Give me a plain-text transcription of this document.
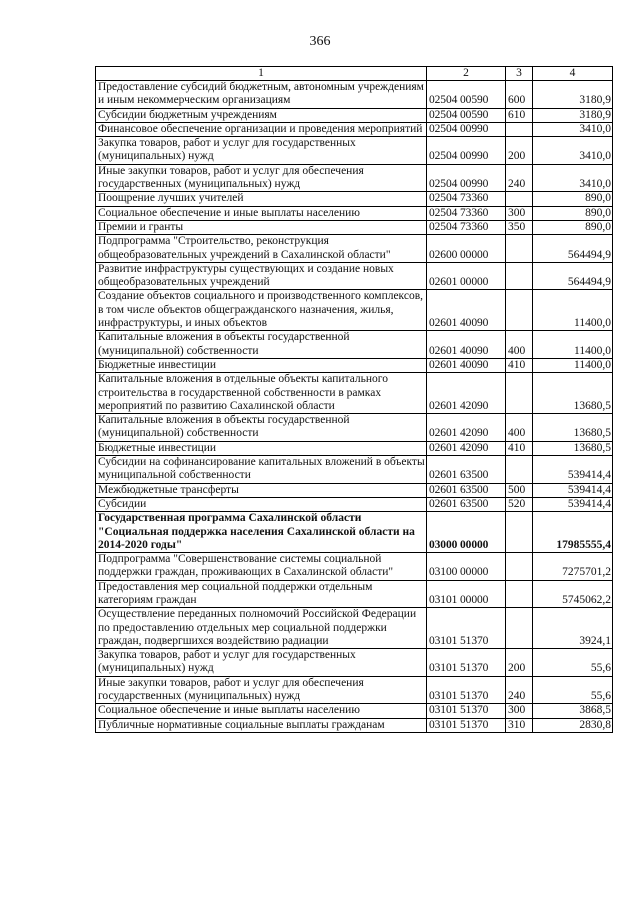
366
1	2	3	4
Предоставление субсидий бюджетным, автономным учреждениям и иным некоммерческим организациям	02504 00590	600	3180,9
Субсидии бюджетным учреждениям	02504 00590	610	3180,9
Финансовое обеспечение организации и проведения мероприятий	02504 00990		3410,0
Закупка товаров, работ и услуг для государственных (муниципальных) нужд	02504 00990	200	3410,0
Иные закупки товаров, работ и услуг для обеспечения государственных (муниципальных) нужд	02504 00990	240	3410,0
Поощрение лучших учителей	02504 73360		890,0
Социальное обеспечение и иные выплаты населению	02504 73360	300	890,0
Премии и гранты	02504 73360	350	890,0
Подпрограмма "Строительство, реконструкция общеобразовательных учреждений в Сахалинской области"	02600 00000		564494,9
Развитие инфраструктуры существующих и создание новых общеобразовательных учреждений	02601 00000		564494,9
Создание объектов социального и производственного комплексов, в том числе объектов общегражданского назначения, жилья, инфраструктуры, и иных объектов	02601 40090		11400,0
Капитальные вложения в объекты государственной (муниципальной) собственности	02601 40090	400	11400,0
Бюджетные инвестиции	02601 40090	410	11400,0
Капитальные вложения в отдельные объекты капитального строительства в государственной собственности в рамках мероприятий по развитию Сахалинской области	02601 42090		13680,5
Капитальные вложения в объекты государственной (муниципальной) собственности	02601 42090	400	13680,5
Бюджетные инвестиции	02601 42090	410	13680,5
Субсидии на софинансирование капитальных вложений в объекты муниципальной собственности	02601 63500		539414,4
Межбюджетные трансферты	02601 63500	500	539414,4
Субсидии	02601 63500	520	539414,4
Государственная программа Сахалинской области "Социальная поддержка населения Сахалинской области на 2014-2020 годы"	03000 00000		17985555,4
Подпрограмма "Совершенствование системы социальной поддержки граждан, проживающих в Сахалинской области"	03100 00000		7275701,2
Предоставления мер социальной поддержки отдельным категориям граждан	03101 00000		5745062,2
Осуществление переданных полномочий Российской Федерации по предоставлению отдельных мер социальной поддержки граждан, подвергшихся воздействию радиации	03101 51370		3924,1
Закупка товаров, работ и услуг для государственных (муниципальных) нужд	03101 51370	200	55,6
Иные закупки товаров, работ и услуг для обеспечения государственных (муниципальных) нужд	03101 51370	240	55,6
Социальное обеспечение и иные выплаты населению	03101 51370	300	3868,5
Публичные нормативные социальные выплаты гражданам	03101 51370	310	2830,8
